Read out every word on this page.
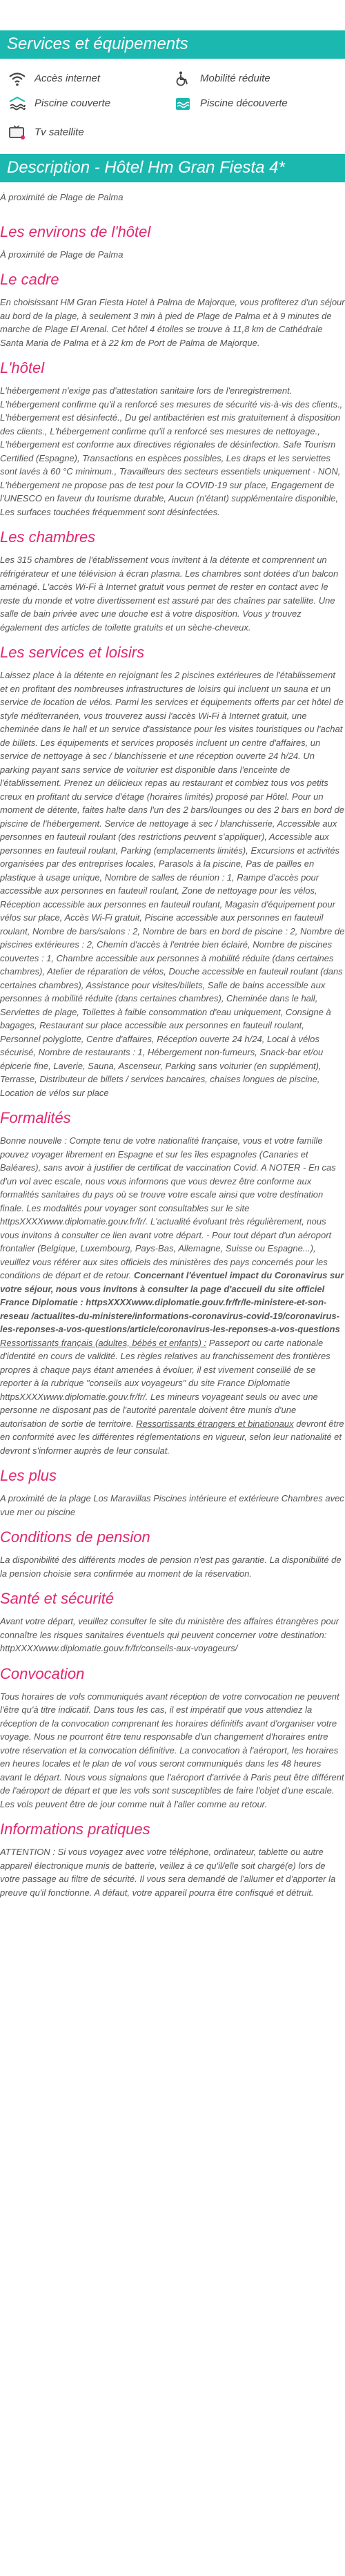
Services et équipements
Accès internet	Mobilité réduite
Piscine couverte	Piscine découverte
Tv satellite
Description - Hôtel Hm Gran Fiesta 4*
À proximité de Plage de Palma
Les environs de l'hôtel

À proximité de Plage de Palma

Le cadre

En choisissant HM Gran Fiesta Hotel à Palma de Majorque, vous profiterez d'un séjour au bord de la plage, à seulement 3 min à pied de Plage de Palma et à 9 minutes de marche de Plage El Arenal. Cet hôtel 4 étoiles se trouve à 11,8 km de Cathédrale Santa Maria de Palma et à 22 km de Port de Palma de Majorque.

L'hôtel

L'hébergement n'exige pas d'attestation sanitaire lors de l'enregistrement. L'hébergement confirme qu'il a renforcé ses mesures de sécurité vis-à-vis des clients., L'hébergement est désinfecté., Du gel antibactérien est mis gratuitement à disposition des clients., L'hébergement confirme qu'il a renforcé ses mesures de nettoyage., L'hébergement est conforme aux directives régionales de désinfection. Safe Tourism Certified (Espagne), Transactions en espèces possibles, Les draps et les serviettes sont lavés à 60 °C minimum., Travailleurs des secteurs essentiels uniquement - NON, L'hébergement ne propose pas de test pour la COVID-19 sur place, Engagement de l'UNESCO en faveur du tourisme durable, Aucun (n'étant) supplémentaire disponible, Les surfaces touchées fréquemment sont désinfectées.

Les chambres

Les 315 chambres de l'établissement vous invitent à la détente et comprennent un réfrigérateur et une télévision à écran plasma. Les chambres sont dotées d'un balcon aménagé. L'accès Wi-Fi à Internet gratuit vous permet de rester en contact avec le reste du monde et votre divertissement est assuré par des chaînes par satellite. Une salle de bain privée avec une douche est à votre disposition. Vous y trouvez également des articles de toilette gratuits et un sèche-cheveux.

Les services et loisirs

Laissez place à la détente en rejoignant les 2 piscines extérieures de l'établissement et en profitant des nombreuses infrastructures de loisirs qui incluent un sauna et un service de location de vélos. Parmi les services et équipements offerts par cet hôtel de style méditerranéen, vous trouverez aussi l'accès Wi-Fi à Internet gratuit, une cheminée dans le hall et un service d'assistance pour les visites touristiques ou l'achat de billets. Les équipements et services proposés incluent un centre d'affaires, un service de nettoyage à sec / blanchisserie et une réception ouverte 24 h/24. Un parking payant sans service de voiturier est disponible dans l'enceinte de l'établissement. Prenez un délicieux repas au restaurant et combiez tous vos petits creux en profitant du service d'étage (horaires limités) proposé par Hôtel. Pour un moment de détente, faites halte dans l'un des 2 bars/lounges ou des 2 bars en bord de piscine de l'hébergement. Service de nettoyage à sec / blanchisserie, Accessible aux personnes en fauteuil roulant (des restrictions peuvent s'appliquer), Accessible aux personnes en fauteuil roulant, Parking (emplacements limités), Excursions et activités organisées par des entreprises locales, Parasols à la piscine, Pas de pailles en plastique à usage unique, Nombre de salles de réunion : 1, Rampe d'accès pour accessible aux personnes en fauteuil roulant, Zone de nettoyage pour les vélos, Réception accessible aux personnes en fauteuil roulant, Magasin d'équipement pour vélos sur place, Accès Wi-Fi gratuit, Piscine accessible aux personnes en fauteuil roulant, Nombre de bars/salons : 2, Nombre de bars en bord de piscine : 2, Nombre de piscines extérieures : 2, Chemin d'accès à l'entrée bien éclairé, Nombre de piscines couvertes : 1, Chambre accessible aux personnes à mobilité réduite (dans certaines chambres), Atelier de réparation de vélos, Douche accessible en fauteuil roulant (dans certaines chambres), Assistance pour visites/billets, Salle de bains accessible aux personnes à mobilité réduite (dans certaines chambres), Cheminée dans le hall, Serviettes de plage, Toilettes à faible consommation d'eau uniquement, Consigne à bagages, Restaurant sur place accessible aux personnes en fauteuil roulant, Personnel polyglotte, Centre d'affaires, Réception ouverte 24 h/24, Local à vélos sécurisé, Nombre de restaurants : 1, Hébergement non-fumeurs, Snack-bar et/ou épicerie fine, Laverie, Sauna, Ascenseur, Parking sans voiturier (en supplément), Terrasse, Distributeur de billets / services bancaires, chaises longues de piscine, Location de vélos sur place

Formalités

Bonne nouvelle : Compte tenu de votre nationalité française, vous et votre famille pouvez voyager librement en Espagne et sur les îles espagnoles (Canaries et Baléares), sans avoir à justifier de certificat de vaccination Covid. A NOTER - En cas d'un vol avec escale, nous vous informons que vous devrez être conforme aux formalités sanitaires du pays où se trouve votre escale ainsi que votre destination finale. Les modalités pour voyager sont consultables sur le site httpsXXXXwww.diplomatie.gouv.fr/fr/. L'actualité évoluant très régulièrement, nous vous invitons à consulter ce lien avant votre départ. - Pour tout départ d'un aéroport frontalier (Belgique, Luxembourg, Pays-Bas, Allemagne, Suisse ou Espagne...), veuillez vous référer aux sites officiels des ministères des pays concernés pour les conditions de départ et de retour. Concernant l'éventuel impact du Coronavirus sur votre séjour, nous vous invitons à consulter la page d'accueil du site officiel France Diplomatie : httpsXXXXwww.diplomatie.gouv.fr/fr/le-ministere-et-son-reseau /actualites-du-ministere/informations-coronavirus-covid-19/coronavirus-les-reponses-a-vos-questions/article/coronavirus-les-reponses-a-vos-questions Ressortissants français (adultes, bébés et enfants) : Passeport ou carte nationale d'identité en cours de validité. Les règles relatives au franchissement des frontières propres à chaque pays étant amenées à évoluer, il est vivement conseillé de se reporter à la rubrique "conseils aux voyageurs" du site France Diplomatie httpsXXXXwww.diplomatie.gouv.fr/fr/. Les mineurs voyageant seuls ou avec une personne ne disposant pas de l'autorité parentale doivent être munis d'une autorisation de sortie de territoire. Ressortissants étrangers et binationaux devront être en conformité avec les différentes réglementations en vigueur, selon leur nationalité et devront s'informer auprès de leur consulat.

Les plus

A proximité de la plage Los Maravillas Piscines intérieure et extérieure Chambres avec vue mer ou piscine

Conditions de pension

La disponibilité des différents modes de pension n'est pas garantie. La disponibilité de la pension choisie sera confirmée au moment de la réservation.

Santé et sécurité

Avant votre départ, veuillez consulter le site du ministère des affaires étrangères pour connaître les risques sanitaires éventuels qui peuvent concerner votre destination: httpXXXXwww.diplomatie.gouv.fr/fr/conseils-aux-voyageurs/

Convocation

Tous horaires de vols communiqués avant réception de votre convocation ne peuvent l'être qu'à titre indicatif. Dans tous les cas, il est impératif que vous attendiez la réception de la convocation comprenant les horaires définitifs avant d'organiser votre voyage. Nous ne pourront être tenu responsable d'un changement d'horaires entre votre réservation et la convocation définitive. La convocation à l'aéroport, les horaires en heures locales et le plan de vol vous seront communiqués dans les 48 heures avant le départ. Nous vous signalons que l'aéroport d'arrivée à Paris peut être différent de l'aéroport de départ et que les vols sont susceptibles de faire l'objet d'une escale. Les vols peuvent être de jour comme nuit à l'aller comme au retour.

Informations pratiques

ATTENTION : Si vous voyagez avec votre téléphone, ordinateur, tablette ou autre appareil électronique munis de batterie, veillez à ce qu'il/elle soit chargé(e) lors de votre passage au filtre de sécurité. Il vous sera demandé de l'allumer et d'apporter la preuve qu'il fonctionne. A défaut, votre appareil pourra être confisqué et détruit.
